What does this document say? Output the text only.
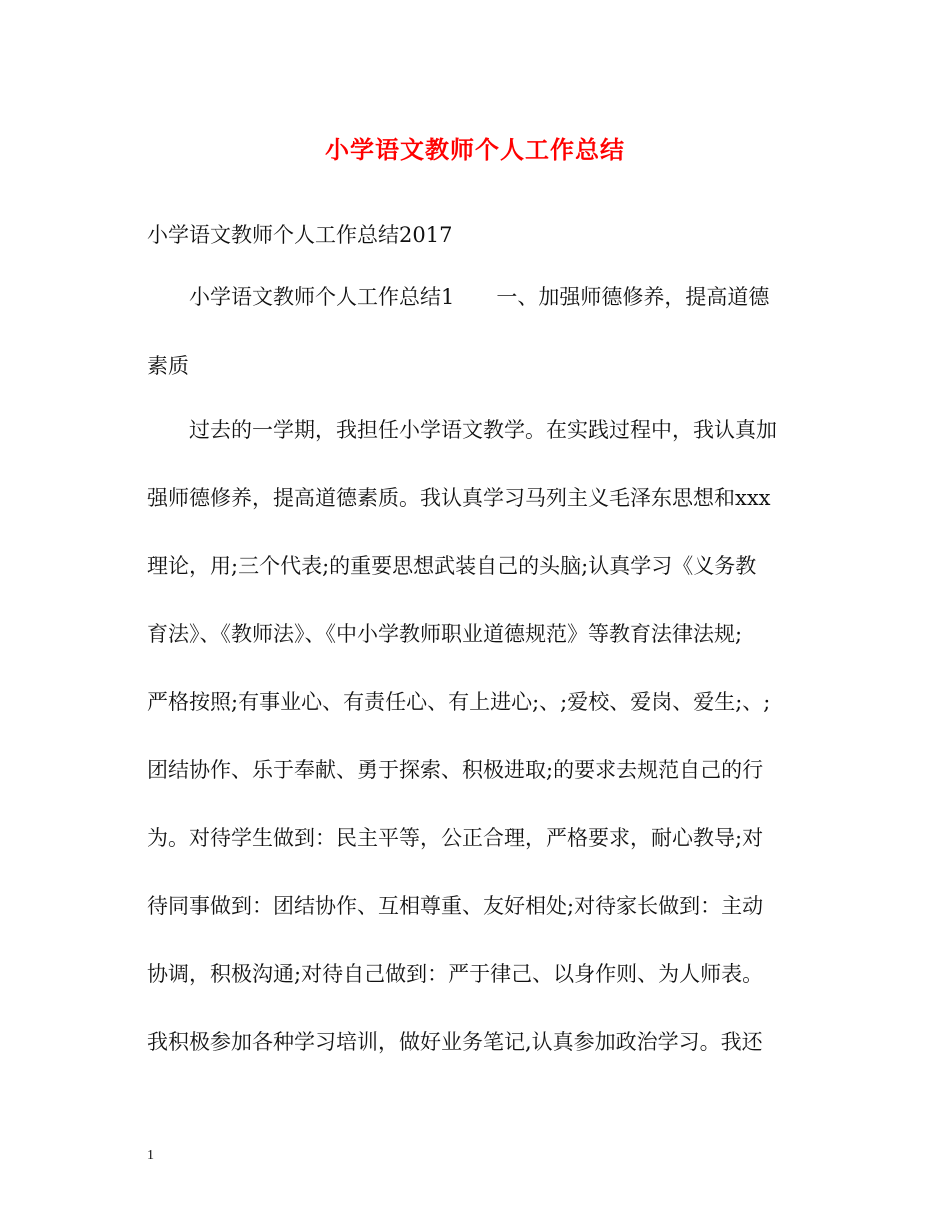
小学语文教师个人工作总结
小学语文教师个人工作总结2017
小学语文教师个人工作总结1　　一、加强师德修养，提高道德
素质
过去的一学期，我担任小学语文教学。在实践过程中，我认真加
强师德修养，提高道德素质。我认真学习马列主义毛泽东思想和xxx
理论，用;三个代表;的重要思想武装自己的头脑;认真学习《义务教
育法》、《教师法》、《中小学教师职业道德规范》等教育法律法规;
严格按照;有事业心、有责任心、有上进心;、;爱校、爱岗、爱生;、;
团结协作、乐于奉献、勇于探索、积极进取;的要求去规范自己的行
为。对待学生做到：民主平等，公正合理，严格要求，耐心教导;对
待同事做到：团结协作、互相尊重、友好相处;对待家长做到：主动
协调，积极沟通;对待自己做到：严于律己、以身作则、为人师表。
我积极参加各种学习培训，做好业务笔记,认真参加政治学习。我还
1
